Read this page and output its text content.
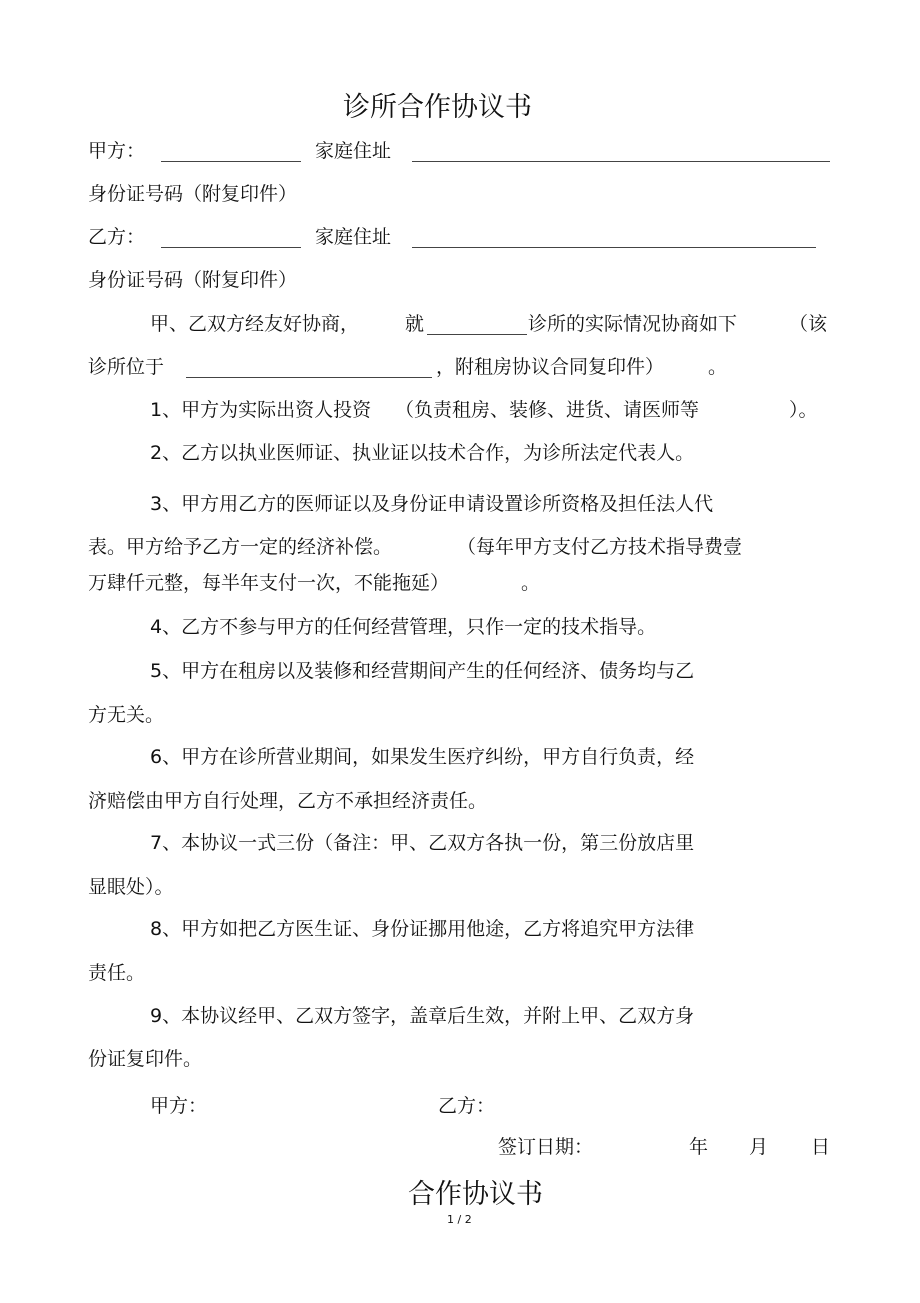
诊所合作协议书
甲方：	家庭住址
身份证号码（附复印件）
乙方：	家庭住址
身份证号码（附复印件）
甲、乙双方经友好协商， 就	诊所的实际情况协商如下	（该
诊所位于	，附租房协议合同复印件） 。
1、甲方为实际出资人投资 （负责租房、装修、进货、请医师等	）。
2、乙方以执业医师证、执业证以技术合作，为诊所法定代表人。
3、甲方用乙方的医师证以及身份证申请设置诊所资格及担任法人代
表。甲方给予乙方一定的经济补偿。	（每年甲方支付乙方技术指导费壹
万肆仟元整，每半年支付一次，不能拖延）	。
4、乙方不参与甲方的任何经营管理，只作一定的技术指导。
5、甲方在租房以及装修和经营期间产生的任何经济、债务均与乙
方无关。
6、甲方在诊所营业期间，如果发生医疗纠纷，甲方自行负责，经
济赔偿由甲方自行处理，乙方不承担经济责任。
7、本协议一式三份（备注：甲、乙双方各执一份，第三份放店里
显眼处）。
8、甲方如把乙方医生证、身份证挪用他途，乙方将追究甲方法律
责任。
9、本协议经甲、乙双方签字，盖章后生效，并附上甲、乙双方身
份证复印件。
甲方：	乙方：
签订日期：	年 月 日
合作协议书
1 / 2
